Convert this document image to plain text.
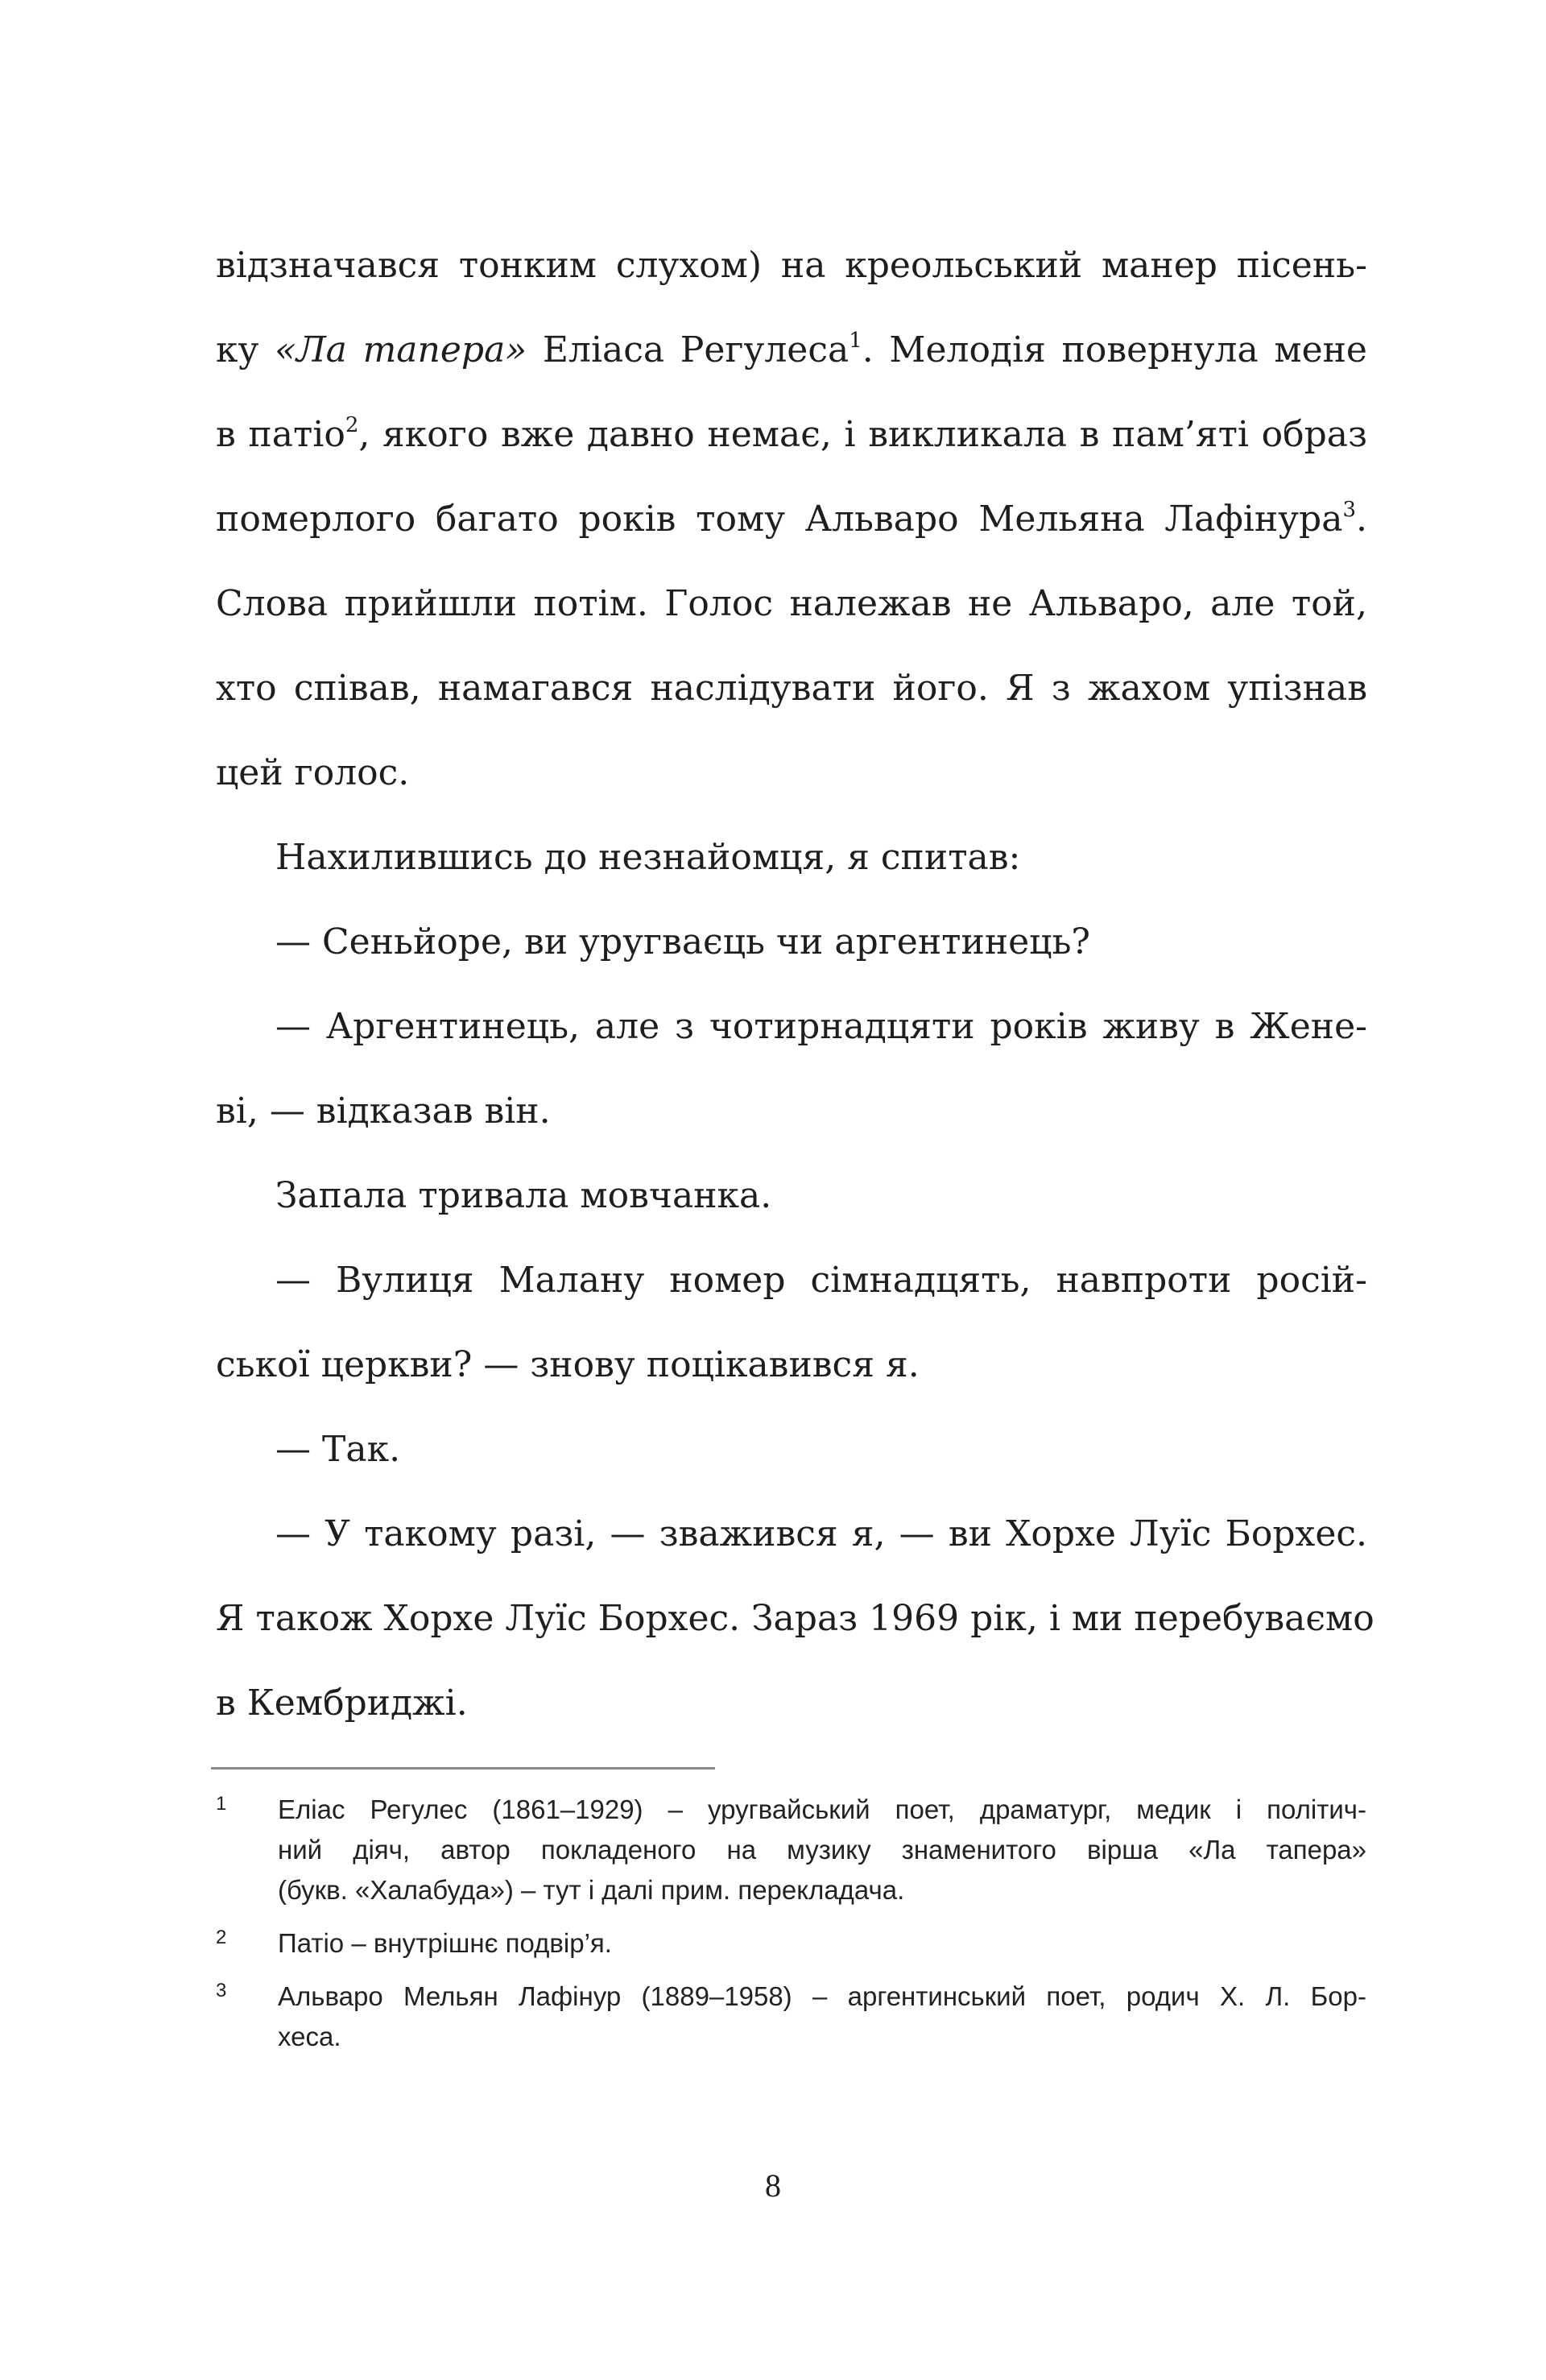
відзначався тонким слухом) на креольський манер пісень-
ку «Ла тапера» Еліаса Регулеса$^1$. Мелодія повернула мене
в патіо$^2$, якого вже давно немає, і викликала в пам’яті образ
померлого багато років тому Альваро Мельяна Лафінура$^3$.
Слова прийшли потім. Голос належав не Альваро, але той,
хто співав, намагався наслідувати його. Я з жахом упізнав
цей голос.
Нахилившись до незнайомця, я спитав:
— Сеньйоре, ви уругваєць чи аргентинець?
— Аргентинець, але з чотирнадцяти років живу в Жене-
ві, — відказав він.
Запала тривала мовчанка.
— Вулиця Малану номер сімнадцять, навпроти росій-
ської церкви? — знову поцікавився я.
— Так.
— У такому разі, — зважився я, — ви Хорхе Луїс Борхес.
Я також Хорхе Луїс Борхес. Зараз 1969 рік, і ми перебуваємо
в Кембриджі.
1 Еліас Регулес (1861–1929) – уругвайський поет, драматург, медик і політич-
ний діяч, автор покладеного на музику знаменитого вірша «Ла тапера»
(букв. «Халабуда») – тут і далі прим. перекладача.
2 Патіо – внутрішнє подвір’я.
3 Альваро Мельян Лафінур (1889–1958) – аргентинський поет, родич Х. Л. Бор-
хеса.
8
